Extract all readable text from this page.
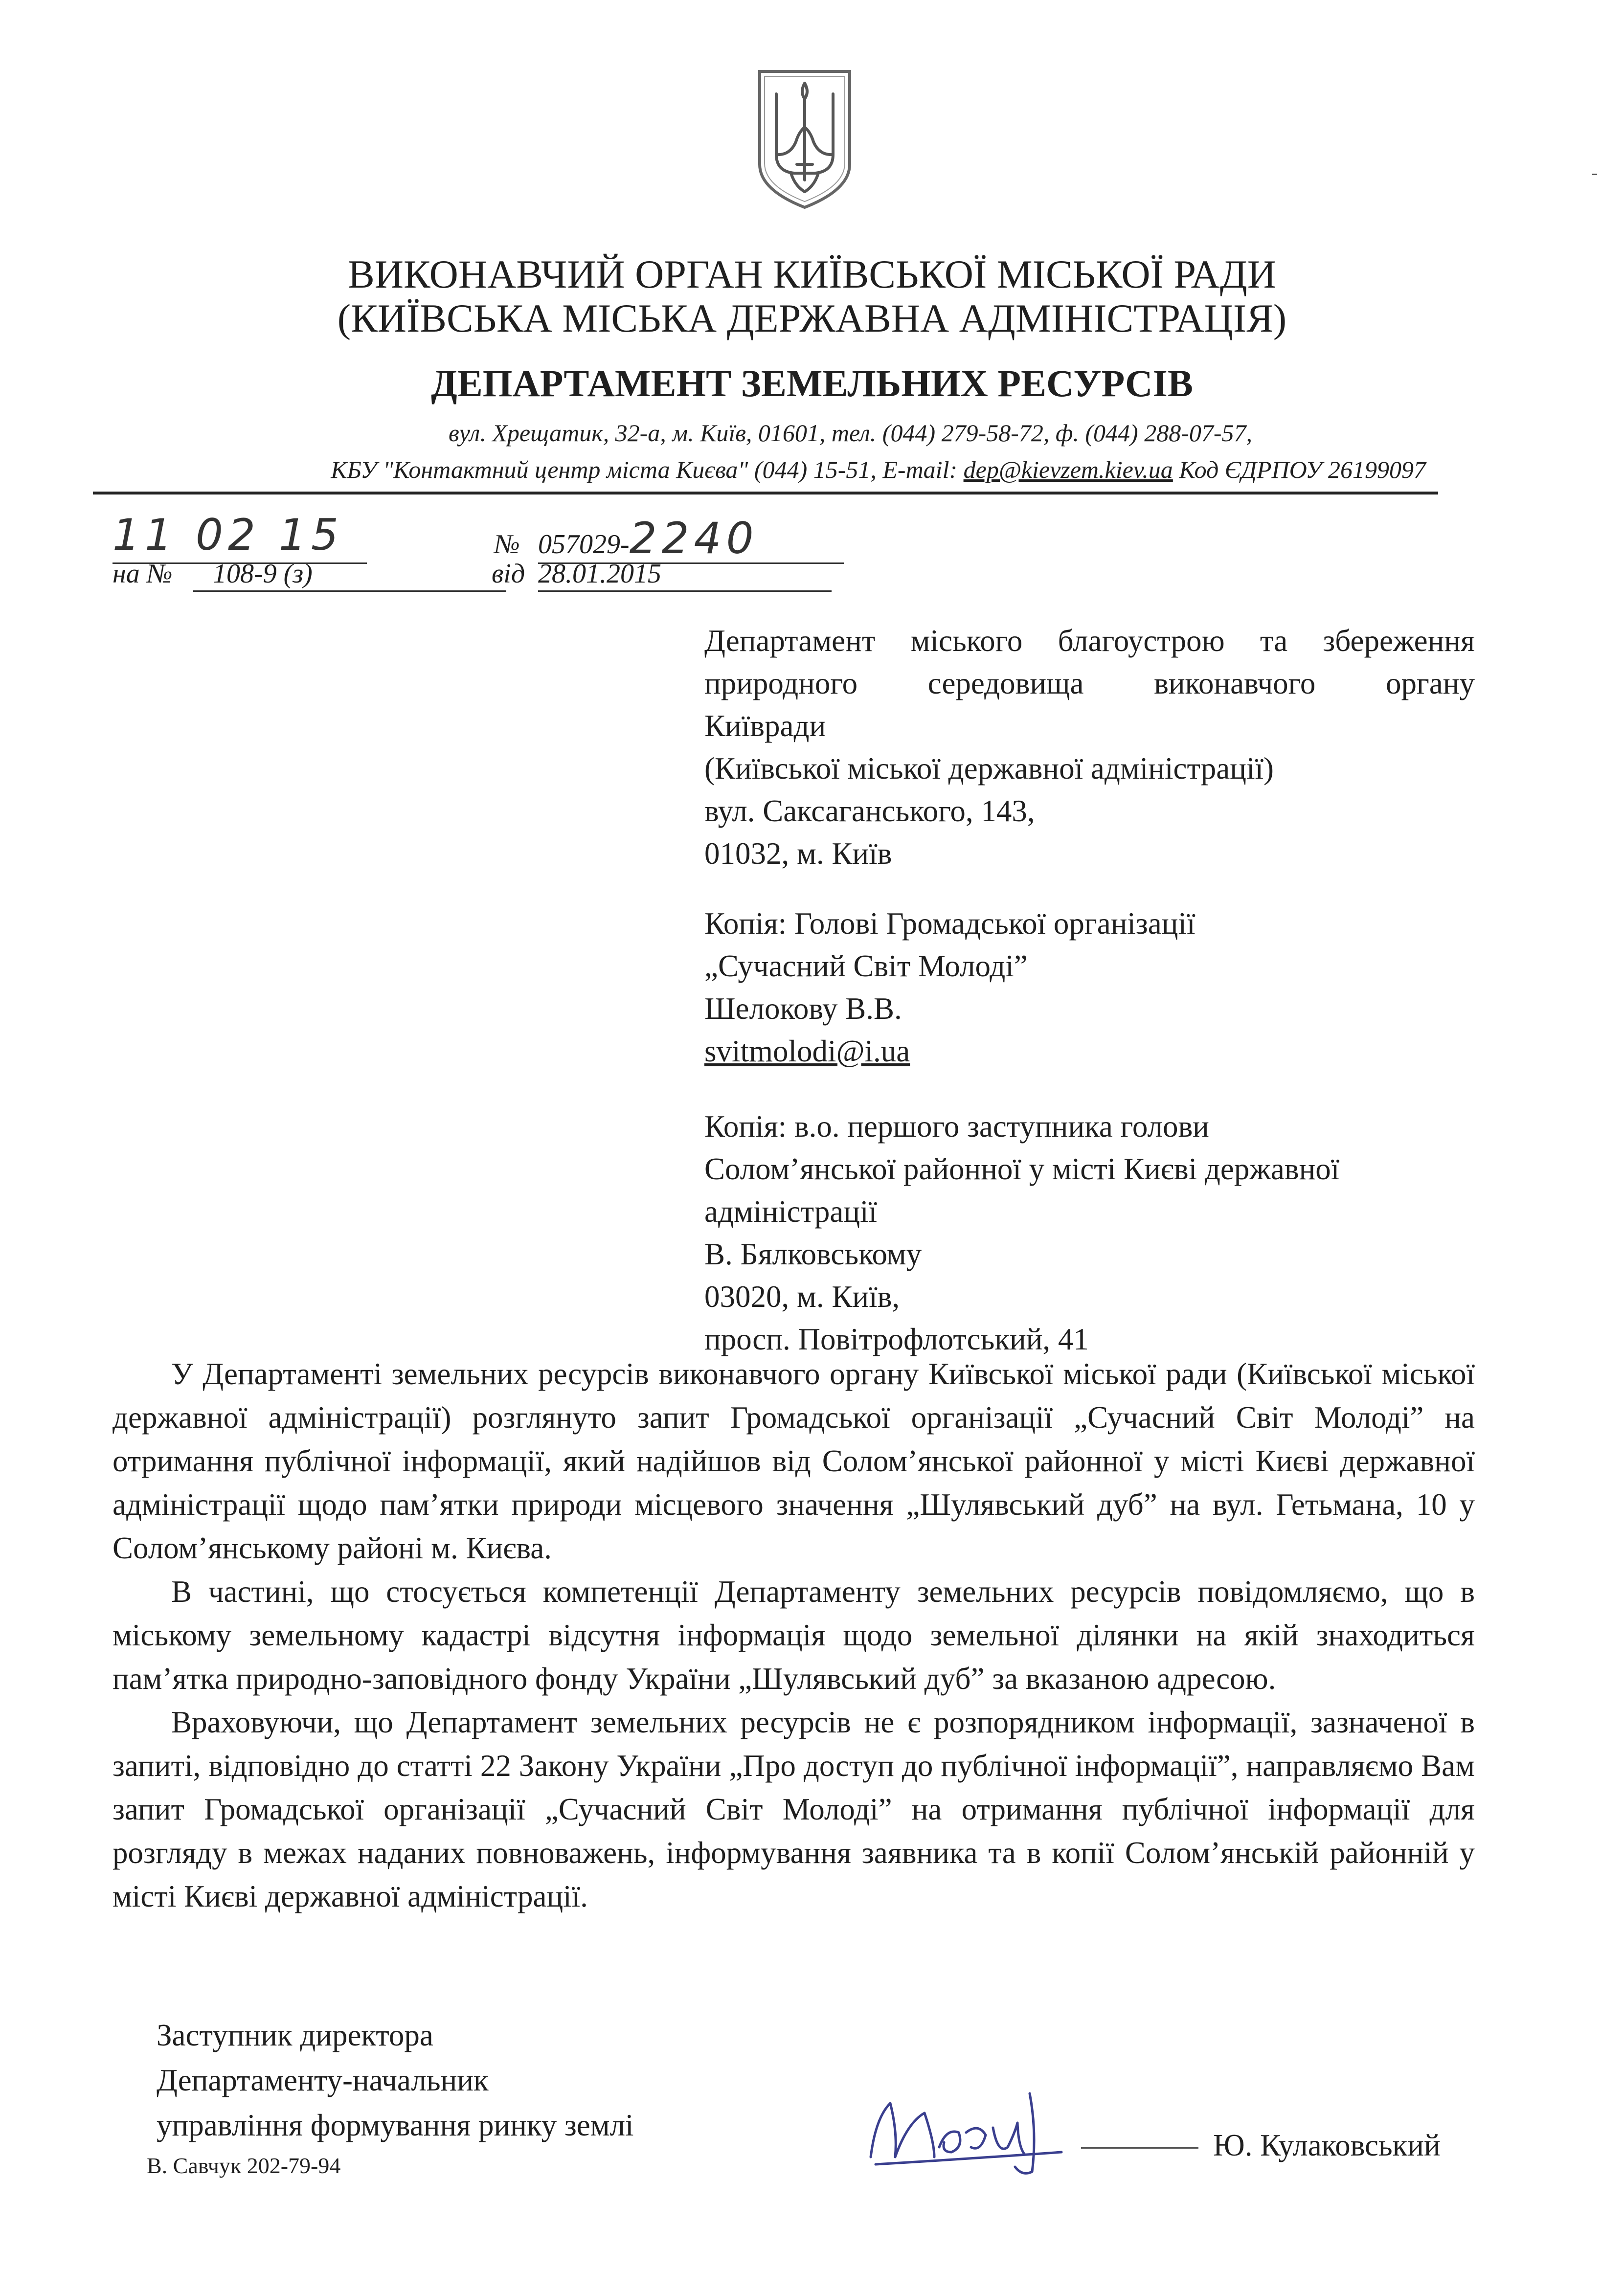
ВИКОНАВЧИЙ ОРГАН КИЇВСЬКОЇ МІСЬКОЇ РАДИ
(КИЇВСЬКА МІСЬКА ДЕРЖАВНА АДМІНІСТРАЦІЯ)
ДЕПАРТАМЕНТ ЗЕМЕЛЬНИХ РЕСУРСІВ
вул. Хрещатик, 32-а, м. Київ, 01601, тел. (044) 279-58-72, ф. (044) 288-07-57,
КБУ "Контактний центр міста Києва" (044) 15-51, E-mail: dep@kievzem.kiev.ua Код ЄДРПОУ 26199097
11 02 15	№ 057029-2240
на №	108-9 (з)	від 28.01.2015

Департамент міського благоустрою та збереження

природного середовища виконавчого органу

Київради

(Київської міської державної адміністрації)

вул. Саксаганського, 143,

01032, м. Київ

Копія: Голові Громадської організації

„Сучасний Світ Молоді”

Шелокову В.В.

svitmolodi@i.ua

Копія: в.о. першого заступника голови

Солом’янської районної у місті Києві державної

адміністрації

В. Бялковському

03020, м. Київ,

просп. Повітрофлотський, 41

У Департаменті земельних ресурсів виконавчого органу Київської міської ради (Київської міської державної адміністрації) розглянуто запит Громадської організації „Сучасний Світ Молоді” на отримання публічної інформації, який надійшов від Солом’янської районної у місті Києві державної адміністрації щодо пам’ятки природи місцевого значення „Шулявський дуб” на вул. Гетьмана, 10 у Солом’янському районі м. Києва.

В частині, що стосується компетенції Департаменту земельних ресурсів повідомляємо, що в міському земельному кадастрі відсутня інформація щодо земельної ділянки на якій знаходиться пам’ятка природно-заповідного фонду України „Шулявський дуб” за вказаною адресою.

Враховуючи, що Департамент земельних ресурсів не є розпорядником інформації, зазначеної в запиті, відповідно до статті 22 Закону України „Про доступ до публічної інформації”, направляємо Вам запит Громадської організації „Сучасний Світ Молоді” на отримання публічної інформації для розгляду в межах наданих повноважень, інформування заявника та в копії Солом’янській районній у місті Києві державної адміністрації.

Заступник директора

Департаменту-начальник

управління формування ринку землі

Ю. Кулаковський
В. Савчук 202-79-94
